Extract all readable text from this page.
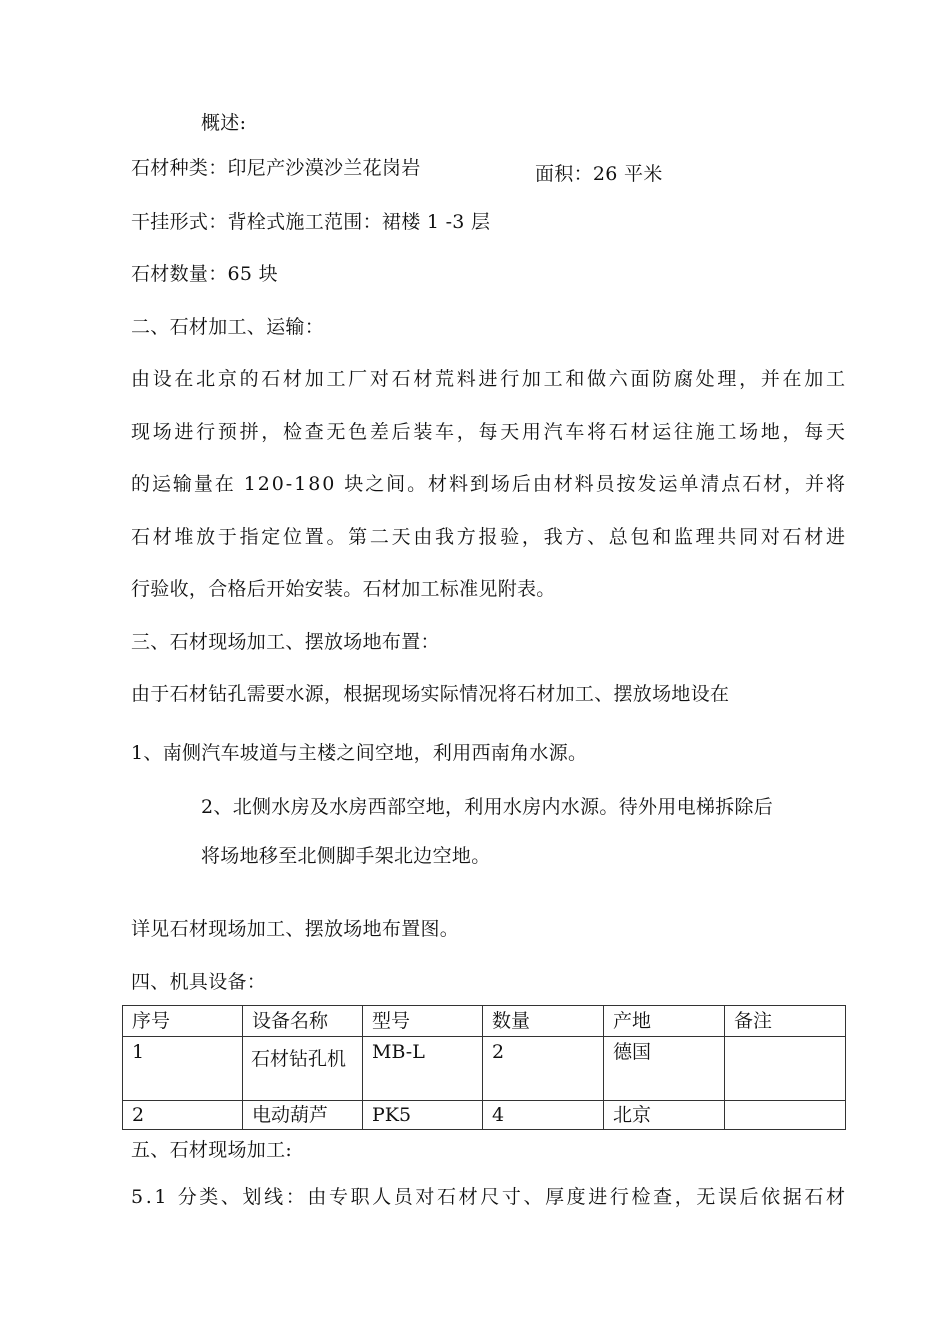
概述:
石材种类：印尼产沙漠沙兰花岗岩	面积：26 平米
干挂形式：背栓式施工范围：裙楼 1 -3 层
石材数量：65 块
二、石材加工、运输：
由设在北京的石材加工厂对石材荒料进行加工和做六面防腐处理，并在加工
现场进行预拼，检查无色差后装车，每天用汽车将石材运往施工场地，每天
的运输量在 120-180 块之间。材料到场后由材料员按发运单清点石材，并将
石材堆放于指定位置。第二天由我方报验，我方、总包和监理共同对石材进
行验收，合格后开始安装。石材加工标准见附表。
三、石材现场加工、摆放场地布置：
由于石材钻孔需要水源，根据现场实际情况将石材加工、摆放场地设在
1、南侧汽车坡道与主楼之间空地，利用西南角水源。
2、北侧水房及水房西部空地，利用水房内水源。待外用电梯拆除后
将场地移至北侧脚手架北边空地。
详见石材现场加工、摆放场地布置图。
四、机具设备：
序号	设备名称	型号	数量	产地	备注
1	石材钻孔机	MB-L	2	德国	
2	电动葫芦	PK5	4	北京	
五、石材现场加工:
5.1 分类、划线：由专职人员对石材尺寸、厚度进行检查，无误后依据石材
